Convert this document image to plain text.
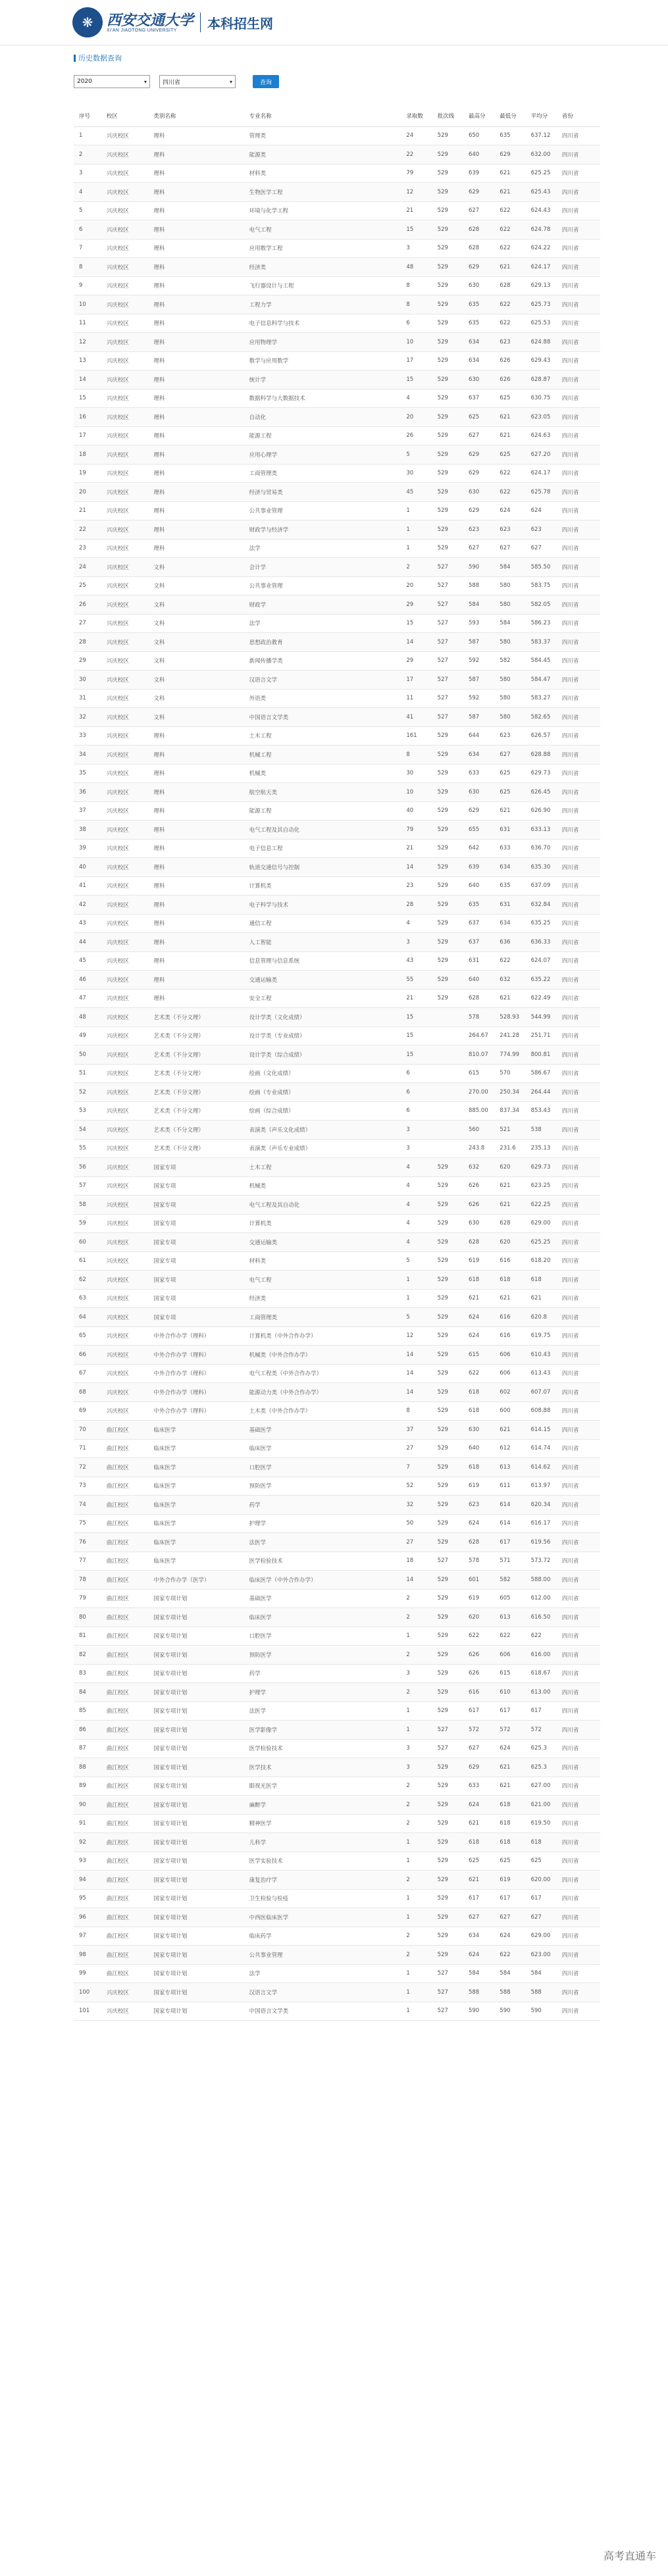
❋ 西安交通大学
XI'AN JIAOTONG UNIVERSITY	本科招生网
历史数据查询
2020	▾	四川省	▾	查询
序号	校区	类别名称	专业名称	录取数	批次线	最高分	最低分	平均分	省份
1	兴庆校区	理科	管理类	24	529	650	635	637.12	四川省
2	兴庆校区	理科	能源类	22	529	640	629	632.00	四川省
3	兴庆校区	理科	材料类	79	529	639	621	625.25	四川省
4	兴庆校区	理科	生物医学工程	12	529	629	621	625.43	四川省
5	兴庆校区	理科	环境与化学工程	21	529	627	622	624.43	四川省
6	兴庆校区	理科	电气工程	15	529	628	622	624.78	四川省
7	兴庆校区	理科	应用数学工程	3	529	628	622	624.22	四川省
8	兴庆校区	理科	经济类	48	529	629	621	624.17	四川省
9	兴庆校区	理科	飞行器设计与工程	8	529	630	628	629.13	四川省
10	兴庆校区	理科	工程力学	8	529	635	622	625.73	四川省
11	兴庆校区	理科	电子信息科学与技术	6	529	635	622	625.53	四川省
12	兴庆校区	理科	应用物理学	10	529	634	623	624.88	四川省
13	兴庆校区	理科	数学与应用数学	17	529	634	626	629.43	四川省
14	兴庆校区	理科	统计学	15	529	630	626	628.87	四川省
15	兴庆校区	理科	数据科学与大数据技术	4	529	637	625	630.75	四川省
16	兴庆校区	理科	自动化	20	529	625	621	623.05	四川省
17	兴庆校区	理科	能源工程	26	529	627	621	624.63	四川省
18	兴庆校区	理科	应用心理学	5	529	629	625	627.20	四川省
19	兴庆校区	理科	工商管理类	30	529	629	622	624.17	四川省
20	兴庆校区	理科	经济与贸易类	45	529	630	622	625.78	四川省
21	兴庆校区	理科	公共事业管理	1	529	629	624	624	四川省
22	兴庆校区	理科	财政学与经济学	1	529	623	623	623	四川省
23	兴庆校区	理科	法学	1	529	627	627	627	四川省
24	兴庆校区	文科	会计学	2	527	590	584	585.50	四川省
25	兴庆校区	文科	公共事业管理	20	527	588	580	583.75	四川省
26	兴庆校区	文科	财政学	29	527	584	580	582.05	四川省
27	兴庆校区	文科	法学	15	527	593	584	586.23	四川省
28	兴庆校区	文科	思想政治教育	14	527	587	580	583.37	四川省
29	兴庆校区	文科	新闻传播学类	29	527	592	582	584.45	四川省
30	兴庆校区	文科	汉语言文学	17	527	587	580	584.47	四川省
31	兴庆校区	文科	外语类	11	527	592	580	583.27	四川省
32	兴庆校区	文科	中国语言文学类	41	527	587	580	582.65	四川省
33	兴庆校区	理科	土木工程	161	529	644	623	626.57	四川省
34	兴庆校区	理科	机械工程	8	529	634	627	628.88	四川省
35	兴庆校区	理科	机械类	30	529	633	625	629.73	四川省
36	兴庆校区	理科	航空航天类	10	529	630	625	626.45	四川省
37	兴庆校区	理科	能源工程	40	529	629	621	626.90	四川省
38	兴庆校区	理科	电气工程及其自动化	79	529	655	631	633.13	四川省
39	兴庆校区	理科	电子信息工程	21	529	642	633	636.70	四川省
40	兴庆校区	理科	轨道交通信号与控制	14	529	639	634	635.30	四川省
41	兴庆校区	理科	计算机类	23	529	640	635	637.09	四川省
42	兴庆校区	理科	电子科学与技术	28	529	635	631	632.84	四川省
43	兴庆校区	理科	通信工程	4	529	637	634	635.25	四川省
44	兴庆校区	理科	人工智能	3	529	637	636	636.33	四川省
45	兴庆校区	理科	信息管理与信息系统	43	529	631	622	624.07	四川省
46	兴庆校区	理科	交通运输类	55	529	640	632	635.22	四川省
47	兴庆校区	理科	安全工程	21	529	628	621	622.49	四川省
48	兴庆校区	艺术类（不分文理）	设计学类（文化成绩）	15		578	528.93	544.99	四川省
49	兴庆校区	艺术类（不分文理）	设计学类（专业成绩）	15		264.67	241.28	251.71	四川省
50	兴庆校区	艺术类（不分文理）	设计学类（综合成绩）	15		810.07	774.99	800.81	四川省
51	兴庆校区	艺术类（不分文理）	绘画（文化成绩）	6		615	570	586.67	四川省
52	兴庆校区	艺术类（不分文理）	绘画（专业成绩）	6		270.00	250.34	264.44	四川省
53	兴庆校区	艺术类（不分文理）	绘画（综合成绩）	6		885.00	837.34	853.43	四川省
54	兴庆校区	艺术类（不分文理）	表演类（声乐文化成绩）	3		560	521	538	四川省
55	兴庆校区	艺术类（不分文理）	表演类（声乐专业成绩）	3		243.8	231.6	235.13	四川省
56	兴庆校区	国家专项	土木工程	4	529	632	620	629.73	四川省
57	兴庆校区	国家专项	机械类	4	529	626	621	623.25	四川省
58	兴庆校区	国家专项	电气工程及其自动化	4	529	626	621	622.25	四川省
59	兴庆校区	国家专项	计算机类	4	529	630	628	629.00	四川省
60	兴庆校区	国家专项	交通运输类	4	529	628	620	625.25	四川省
61	兴庆校区	国家专项	材料类	5	529	619	616	618.20	四川省
62	兴庆校区	国家专项	电气工程	1	529	618	618	618	四川省
63	兴庆校区	国家专项	经济类	1	529	621	621	621	四川省
64	兴庆校区	国家专项	工商管理类	5	529	624	616	620.8	四川省
65	兴庆校区	中外合作办学（理科）	计算机类（中外合作办学）	12	529	624	616	619.75	四川省
66	兴庆校区	中外合作办学（理科）	机械类（中外合作办学）	14	529	615	606	610.43	四川省
67	兴庆校区	中外合作办学（理科）	电气工程类（中外合作办学）	14	529	622	606	613.43	四川省
68	兴庆校区	中外合作办学（理科）	能源动力类（中外合作办学）	14	529	618	602	607.07	四川省
69	兴庆校区	中外合作办学（理科）	土木类（中外合作办学）	8	529	618	600	608.88	四川省
70	曲江校区	临床医学	基础医学	37	529	630	621	614.15	四川省
71	曲江校区	临床医学	临床医学	27	529	640	612	614.74	四川省
72	曲江校区	临床医学	口腔医学	7	529	618	613	614.62	四川省
73	曲江校区	临床医学	预防医学	52	529	619	611	613.97	四川省
74	曲江校区	临床医学	药学	32	529	623	614	620.34	四川省
75	曲江校区	临床医学	护理学	50	529	624	614	616.17	四川省
76	曲江校区	临床医学	法医学	27	529	628	617	619.56	四川省
77	曲江校区	临床医学	医学检验技术	18	527	578	571	573.72	四川省
78	曲江校区	中外合作办学（医学）	临床医学（中外合作办学）	14	529	601	582	588.00	四川省
79	曲江校区	国家专项计划	基础医学	2	529	619	605	612.00	四川省
80	曲江校区	国家专项计划	临床医学	2	529	620	613	616.50	四川省
81	曲江校区	国家专项计划	口腔医学	1	529	622	622	622	四川省
82	曲江校区	国家专项计划	预防医学	2	529	626	606	616.00	四川省
83	曲江校区	国家专项计划	药学	3	529	626	615	618.67	四川省
84	曲江校区	国家专项计划	护理学	2	529	616	610	613.00	四川省
85	曲江校区	国家专项计划	法医学	1	529	617	617	617	四川省
86	曲江校区	国家专项计划	医学影像学	1	527	572	572	572	四川省
87	曲江校区	国家专项计划	医学检验技术	3	527	627	624	625.3	四川省
88	曲江校区	国家专项计划	医学技术	3	529	629	621	625.3	四川省
89	曲江校区	国家专项计划	眼视光医学	2	529	633	621	627.00	四川省
90	曲江校区	国家专项计划	麻醉学	2	529	624	618	621.00	四川省
91	曲江校区	国家专项计划	精神医学	2	529	621	618	619.50	四川省
92	曲江校区	国家专项计划	儿科学	1	529	618	618	618	四川省
93	曲江校区	国家专项计划	医学实验技术	1	529	625	625	625	四川省
94	曲江校区	国家专项计划	康复治疗学	2	529	621	619	620.00	四川省
95	曲江校区	国家专项计划	卫生检验与检疫	1	529	617	617	617	四川省
96	曲江校区	国家专项计划	中西医临床医学	1	529	627	627	627	四川省
97	曲江校区	国家专项计划	临床药学	2	529	634	624	629.00	四川省
98	曲江校区	国家专项计划	公共事业管理	2	529	624	622	623.00	四川省
99	曲江校区	国家专项计划	法学	1	527	584	584	584	四川省
100	兴庆校区	国家专项计划	汉语言文学	1	527	588	588	588	四川省
101	兴庆校区	国家专项计划	中国语言文学类	1	527	590	590	590	四川省
高考直通车
